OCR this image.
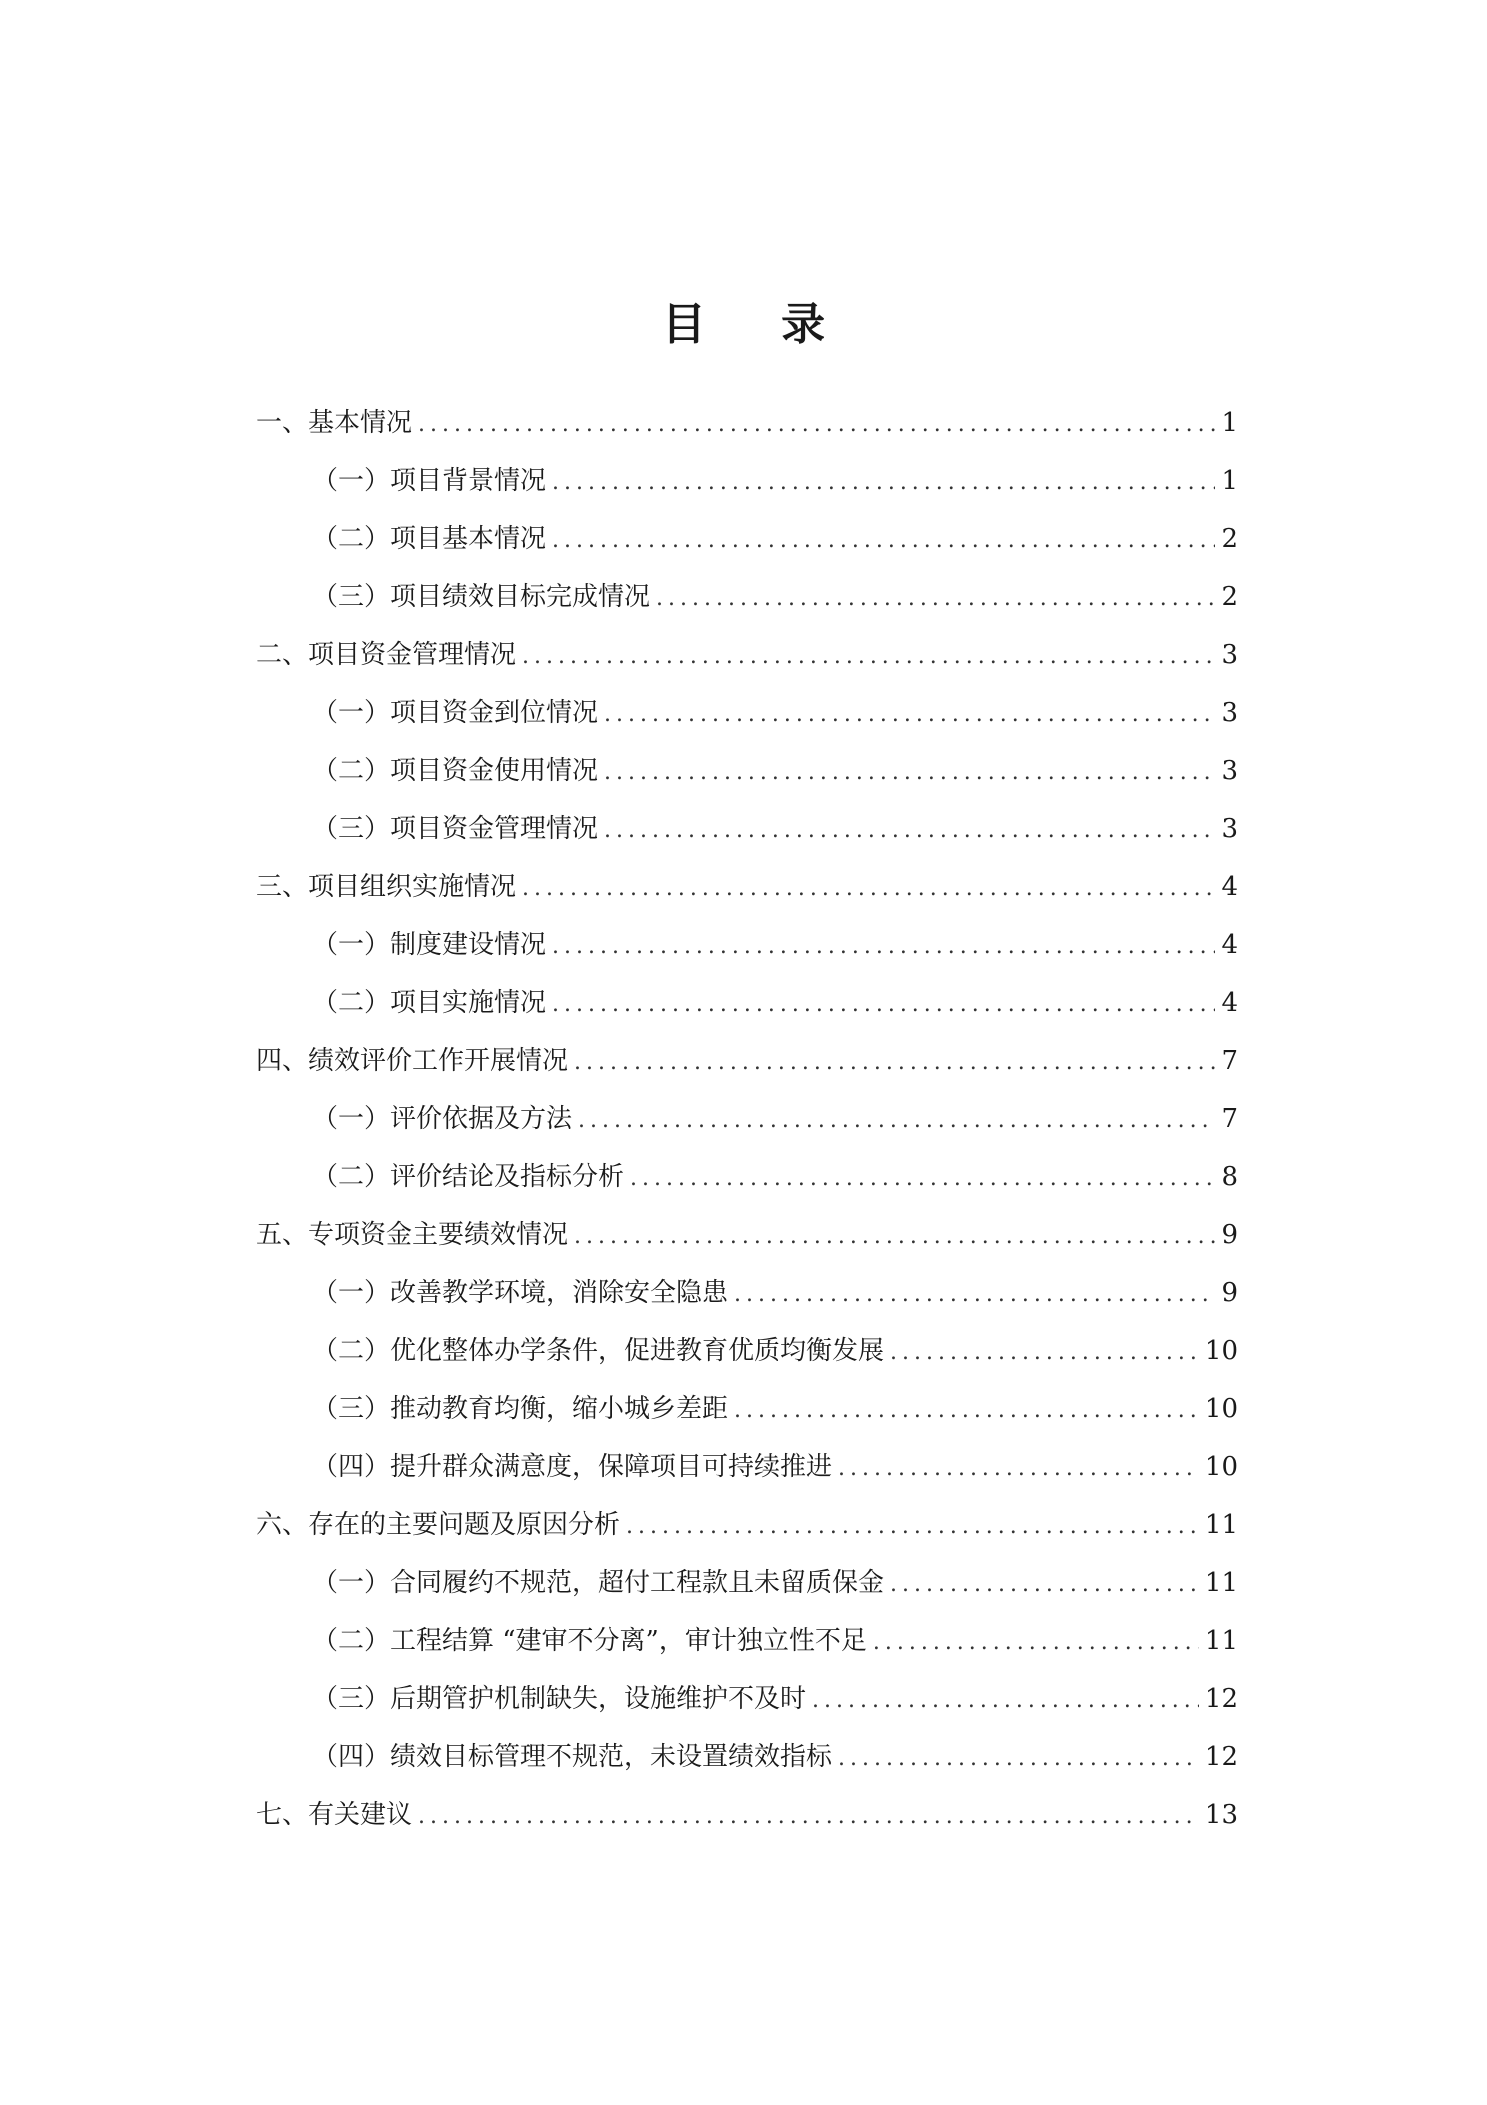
目 录
一、基本情况 .....	1
（一）项目背景情况 .....	1
（二）项目基本情况 .....	2
（三）项目绩效目标完成情况 .....	2
二、项目资金管理情况 .....	3
（一）项目资金到位情况 .....	3
（二）项目资金使用情况 .....	3
（三）项目资金管理情况 .....	3
三、项目组织实施情况 .....	4
（一）制度建设情况 .....	4
（二）项目实施情况 .....	4
四、绩效评价工作开展情况 .....	7
（一）评价依据及方法 .....	7
（二）评价结论及指标分析 .....	8
五、专项资金主要绩效情况 .....	9
（一）改善教学环境，消除安全隐患 .....	9
（二）优化整体办学条件，促进教育优质均衡发展 .....	10
（三）推动教育均衡，缩小城乡差距 .....	10
（四）提升群众满意度，保障项目可持续推进 .....	10
六、存在的主要问题及原因分析 .....	11
（一）合同履约不规范，超付工程款且未留质保金 .....	11
（二）工程结算 “建审不分离”，审计独立性不足 .....	11
（三）后期管护机制缺失，设施维护不及时 .....	12
（四）绩效目标管理不规范，未设置绩效指标 .....	12
七、有关建议 .....	13
